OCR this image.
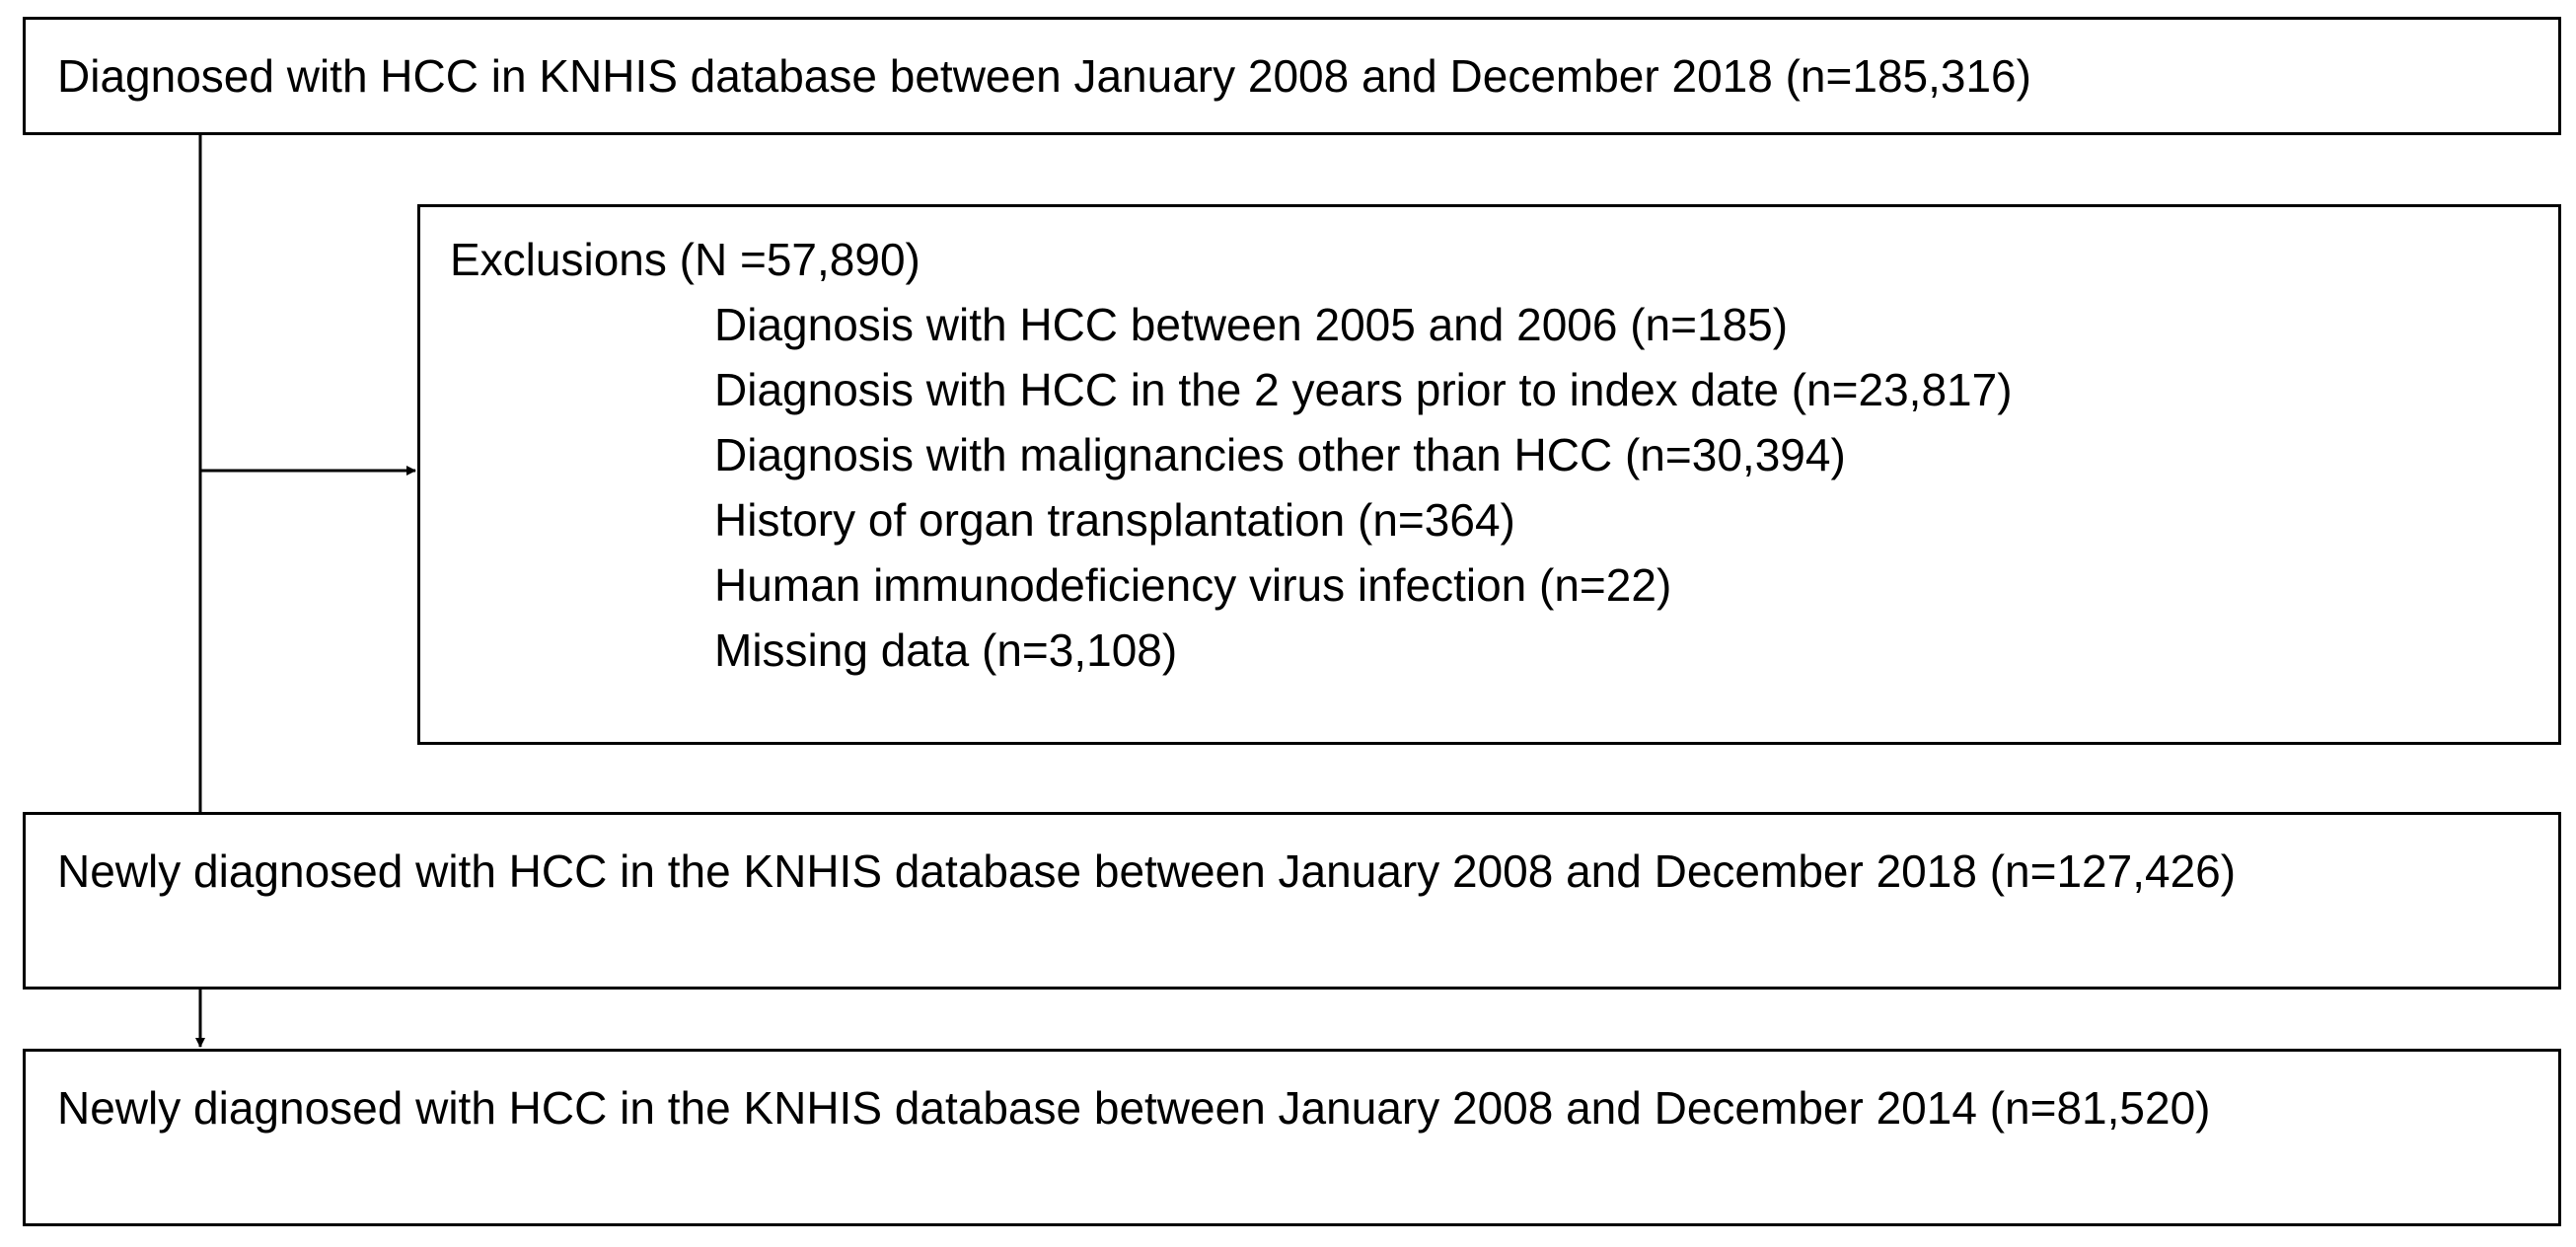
Diagnosed with HCC in KNHIS database between January 2008 and December 2018 (n=185,316)
Exclusions (N =57,890)
Diagnosis with HCC between 2005 and 2006 (n=185)
Diagnosis with HCC in the 2 years prior to index date (n=23,817)
Diagnosis with malignancies other than HCC (n=30,394)
History of organ transplantation (n=364)
Human immunodeficiency virus infection (n=22)
Missing data (n=3,108)
Newly diagnosed with HCC in the KNHIS database between January 2008 and December 2018 (n=127,426)
Newly diagnosed with HCC in the KNHIS database between January 2008 and December 2014 (n=81,520)
